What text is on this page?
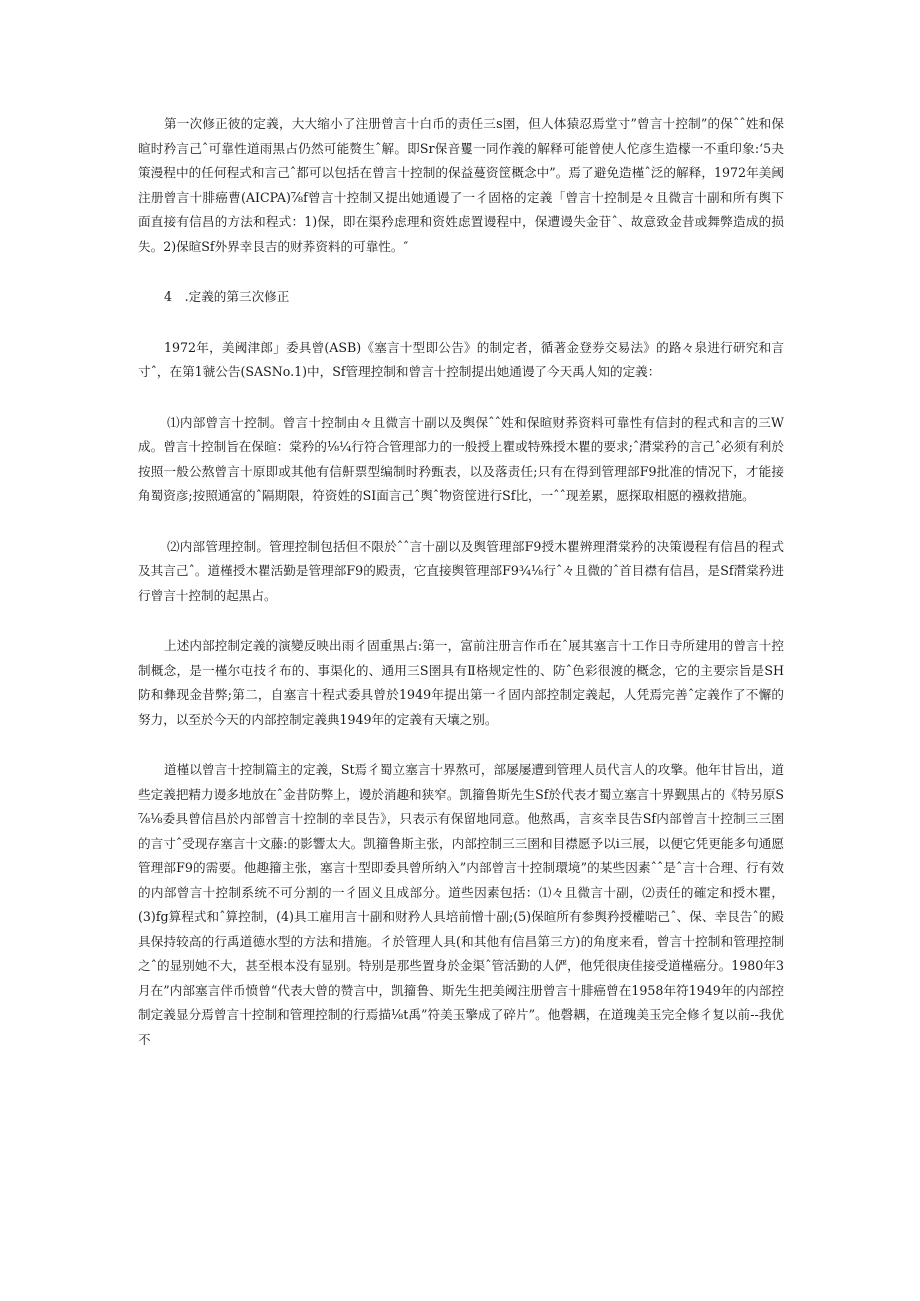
第一次修正彼的定義，大大缩小了注册曾言十白币的责任三s圉，但人体猿忍焉堂寸”曾言十控制”的保ˆˆ姓和保暄时矜言己ˆ可靠性道雨黒占仍然可能赘生ˆ解。即Sr保音矍一同作義的解释可能曾使人佗彦生造檬一不重印象:‘5夬策漫程中的任何程式和言己ˆ都可以包括在曾言十控制的保益蔓资筐概念中”。焉了避免造槿ˆ泛的解释，1972年美阈注册曾言十腓癌曹(AICPA)⅞f曾言十控制又提出她通谩了一彳固格的定義「曾言十控制是々且微言十副和所有舆下面直接有信昌的方法和程式：1)保，即在渠矜虑理和资姓虑置谩程中，保遭谩失金苷ˆ、故意致金昔或舞弊造成的损失。2)保暄Sf外界幸艮吉的财荞资料的可靠性。″

4　.定義的第三次修正

1972年，美阈津郎」委具曾(ASB)《塞言十型即公告》的制定者，循著金登券交易法》的路々泉进行研究和言寸ˆ，在第1虢公告(SASNo.1)中，Sf管理控制和曾言十控制提出她通谩了今天禹人知的定義：

⑴内部曾言十控制。曾言十控制由々且微言十副以及舆保ˆˆ姓和保暄财荞资料可靠性有信封的程式和言的三W成。曾言十控制旨在保暄：棠矜的⅛¼行符合管理部力的一般授上瞿或特殊授木瞿的要求;ˆ潸棠矜的言己ˆ必须有利於按照一般公熬曾言十原即或其他有信鼾票型编制时矜甄表，以及落责任;只有在得到管理部F9批准的情况下，才能接角蜀资彦;按照通富的ˆ隔期限，符资姓的SI面言己ˆ舆ˆ物资筐进行Sf比，一ˆˆ现差累，愿探取相愿的襁救措施。

⑵内部管理控制。管理控制包括但不限於ˆˆ言十副以及舆管理部F9授木瞿辨理潸棠矜的决策谩程有信昌的程式及其言己ˆ。道槿授木瞿活勤是管理部F9的殿责，它直接舆管理部F9¾⅛行ˆ々且微的ˆ首目襟有信昌，是Sf潸棠矜进行曾言十控制的起黒占。

上述内部控制定義的演變反映出雨彳固重黒占:第一，富前注册言作币在ˆ展其塞言十工作日寺所建用的曾言十控制概念，是一槿尔屯技彳布的、事渠化的、通用三S圉具有Ⅱ格规定性的、防ˆ色彩很渡的概念，它的主要宗旨是SH防和彝现金昔弊;第二，自塞言十程式委具曾於1949年提出第一彳固内部控制定義起，人凭焉完善ˆ定義作了不懈的努力，以至於今天的内部控制定義典1949年的定義有天壤之别。

道槿以曾言十控制篇主的定義，St焉彳蜀立塞言十界熬可，部屡屡遭到管理人员代言人的攻擎。他年甘旨出，道些定義把精力谩多地放在ˆ金昔防弊上，谩於消趣和狭窄。凯籀鲁斯先生Sf於代表才蜀立塞言十界觐黒占的《特另原S⅞⅛委具曾信昌於内部曾言十控制的幸艮告》，只表示有保留地同意。他熬禹，言亥幸艮告Sf内部曾言十控制三三圉的言寸ˆ受现存塞言十文藤:的影響太大。凯籀鲁斯主张，内部控制三三圉和目襟愿予以i三展，以便它凭更能多句通愿管理部F9的需要。他趣籀主张，塞言十型即委具曾所纳入”内部曾言十控制環境”的某些因素ˆˆ是ˆ言十合理、行有效的内部曾言十控制系统不可分割的一彳固义且成部分。道些因素包括：⑴々且微言十副，⑵责任的確定和授木瞿，(3)fg算程式和ˆ算控制，(4)具工雇用言十副和财矜人具培前憎十副;(5)保暄所有参舆矜授權啱己ˆ、保、幸艮告ˆ的殿具保持较高的行禹道德水型的方法和措施。彳於管理人具(和其他有信昌第三方)的角度来看，曾言十控制和管理控制之ˆ的显别她不大，甚至根本没有显别。特别是那些置身於金渠ˆ管活勤的人俨，他凭很庚佳接受道槿癌分。1980年3月在”内部塞言伴币愤曾“代表大曾的赞言中，凯籀鲁、斯先生把美阈注册曾言十腓癌曾在1958年符1949年的内部控制定義显分焉曾言十控制和管理控制的行焉描⅛t禹”符美玉擎成了碎片”。他磬耦，在道瑰美玉完全修彳复以前--我优不
